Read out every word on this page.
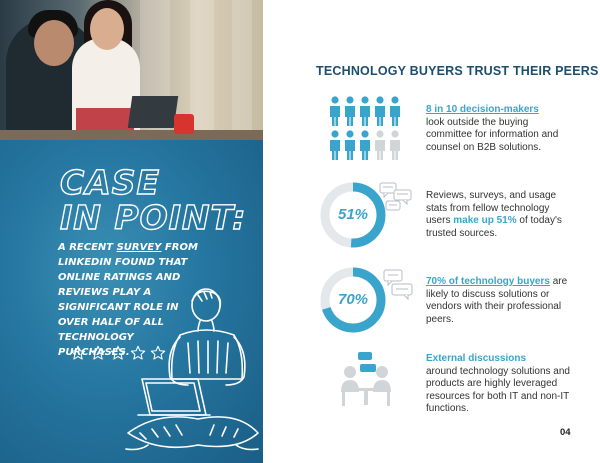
CASE
IN POINT:
A RECENT SURVEY FROM LINKEDIN FOUND THAT ONLINE RATINGS AND REVIEWS PLAY A SIGNIFICANT ROLE IN OVER HALF OF ALL TECHNOLOGY PURCHASES.
TECHNOLOGY BUYERS TRUST THEIR PEERS
8 in 10 decision-makers
look outside the buying committee for information and counsel on B2B solutions.
51%
Reviews, surveys, and usage stats from fellow technology users make up 51% of today's trusted sources.
70%
70% of technology buyers are likely to discuss solutions or vendors with their professional peers.
External discussions
around technology solutions and products are highly leveraged resources for both IT and non-IT functions.
04
